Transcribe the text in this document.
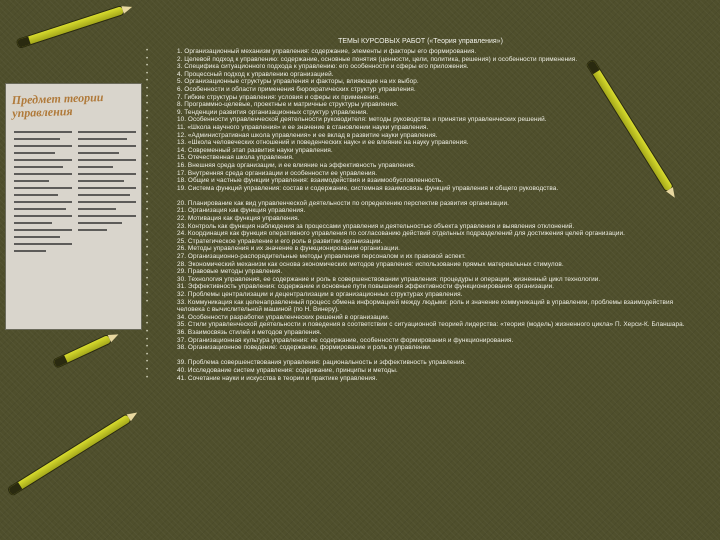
Предмет теории управления
ТЕМЫ КУРСОВЫХ РАБОТ («Теория управления»)
• 1. Организационный механизм управления: содержание, элементы и факторы его формирования.
• 2. Целевой подход к управлению: содержание, основные понятия (ценности, цели, политика, решения) и особенности применения.
• 3. Специфика ситуационного подхода к управлению: его особенности и сферы его приложения.
• 4. Процессный подход к управлению организацией.
• 5. Организационные структуры управления и факторы, влияющие на их выбор.
• 6. Особенности и области применения бюрократических структур управления.
• 7. Гибкие структуры управления: условия и сферы их применения.
• 8. Программно-целевые, проектные и матричные структуры управления.
• 9. Тенденции развития организационных структур управления.
• 10. Особенности управленческой деятельности руководителя: методы руководства и принятия управленческих решений.
• 11. «Школа научного управления» и ее значение в становлении науки управления.
• 12. «Административная школа управления» и ее вклад в развитие науки управления.
• 13. «Школа человеческих отношений и поведенческих наук» и ее влияние на науку управления.
• 14. Современный этап развития науки управления.
• 15. Отечественная школа управления.
• 16. Внешняя среда организации, и ее влияние на эффективность управления.
• 17. Внутренняя среда организации и особенности ее управления.
• 18. Общие и частные функции управления: взаимодействия и взаимообусловленность.
• 19. Система функций управления: состав и содержание, системная взаимосвязь функций управления и общего руководства.
•
• 20. Планирование как вид управленческой деятельности по определению перспектив развития организации.
• 21. Организация как функция управления.
• 22. Мотивация как функция управления.
• 23. Контроль как функция наблюдения за процессами управления и деятельностью объекта управления и выявления отклонений.
• 24. Координация как функция оперативного управления по согласованию действий отдельных подразделений для достижения целей организации.
• 25. Стратегическое управление и его роль в развитии организации.
• 26. Методы управления и их значение в функционировании организации.
• 27. Организационно-распорядительные методы управления персоналом и их правовой аспект.
• 28. Экономический механизм как основа экономических методов управления: использование прямых материальных стимулов.
• 29. Правовые методы управления.
• 30. Технология управления, ее содержание и роль в совершенствовании управления: процедуры и операции, жизненный цикл технологии.
• 31. Эффективность управления: содержание и основные пути повышения эффективности функционирования организации.
• 32. Проблемы централизации и децентрализации в организационных структурах управления.
• 33. Коммуникация как целенаправленный процесс обмена информацией между людьми: роль и значение коммуникаций в управлении, проблемы взаимодействия человека с вычислительной машиной (по Н. Винеру).
• 34. Особенности разработки управленческих решений в организации.
• 35. Стили управленческой деятельности и поведения в соответствии с ситуационной теорией лидерства: «теория (модель) жизненного цикла» П. Херси-К. Бланшара.
• 36. Взаимосвязь стилей и методов управления.
• 37. Организационная культура управления: ее содержание, особенности формирования и функционирования.
• 38. Организационное поведение: содержание, формирование и роль в управлении.
•
• 39. Проблема совершенствования управления: рациональность и эффективность управления.
• 40. Исследование систем управления: содержание, принципы и методы.
• 41. Сочетание науки и искусства в теории и практике управления.
